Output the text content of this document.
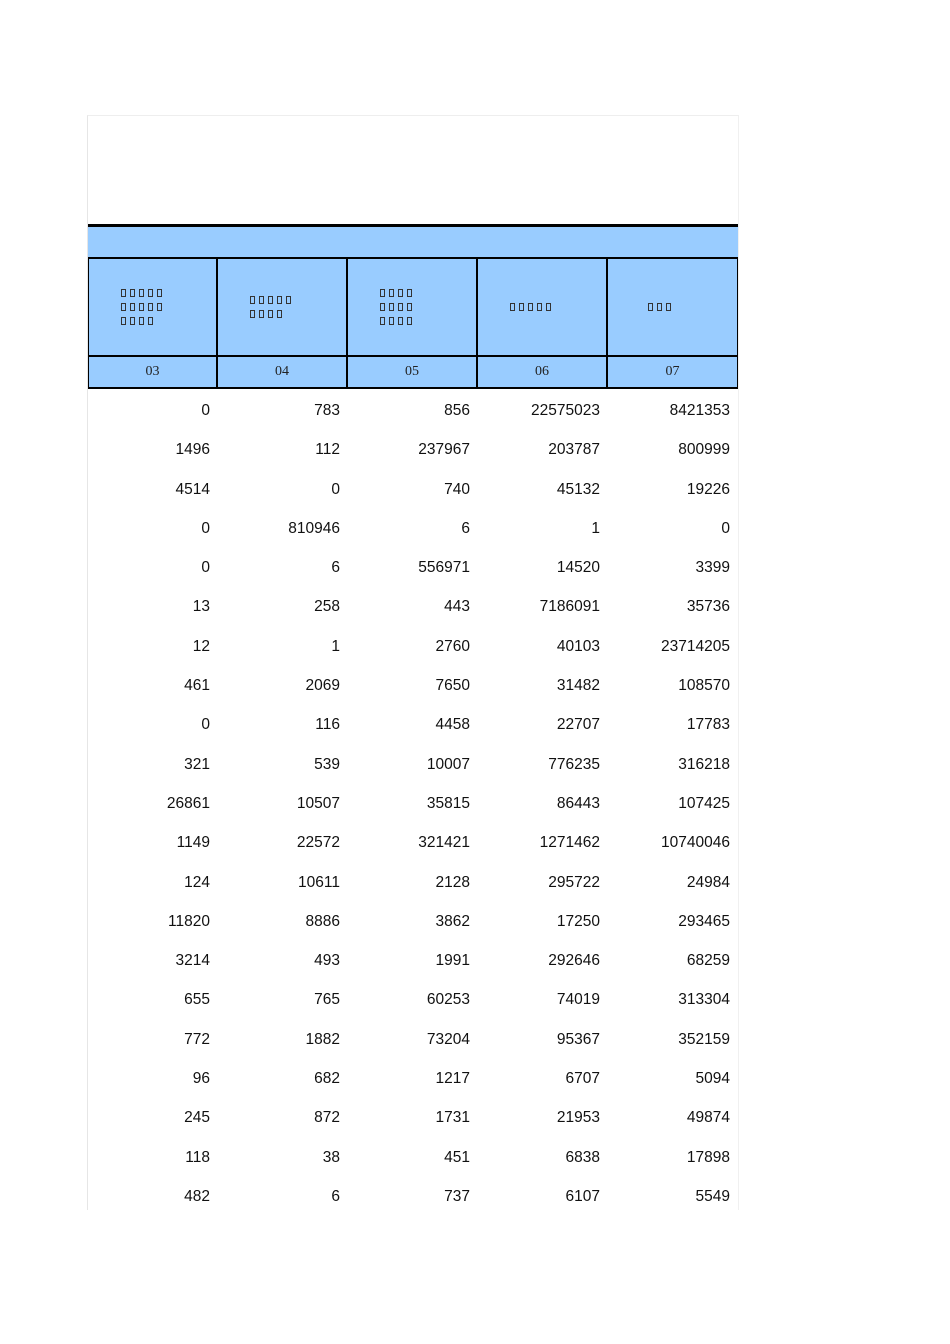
03	04	05	06	07
0	783	856	22575023	8421353
1496	112	237967	203787	800999
4514	0	740	45132	19226
0	810946	6	1	0
0	6	556971	14520	3399
13	258	443	7186091	35736
12	1	2760	40103	23714205
461	2069	7650	31482	108570
0	116	4458	22707	17783
321	539	10007	776235	316218
26861	10507	35815	86443	107425
1149	22572	321421	1271462	10740046
124	10611	2128	295722	24984
11820	8886	3862	17250	293465
3214	493	1991	292646	68259
655	765	60253	74019	313304
772	1882	73204	95367	352159
96	682	1217	6707	5094
245	872	1731	21953	49874
118	38	451	6838	17898
482	6	737	6107	5549
